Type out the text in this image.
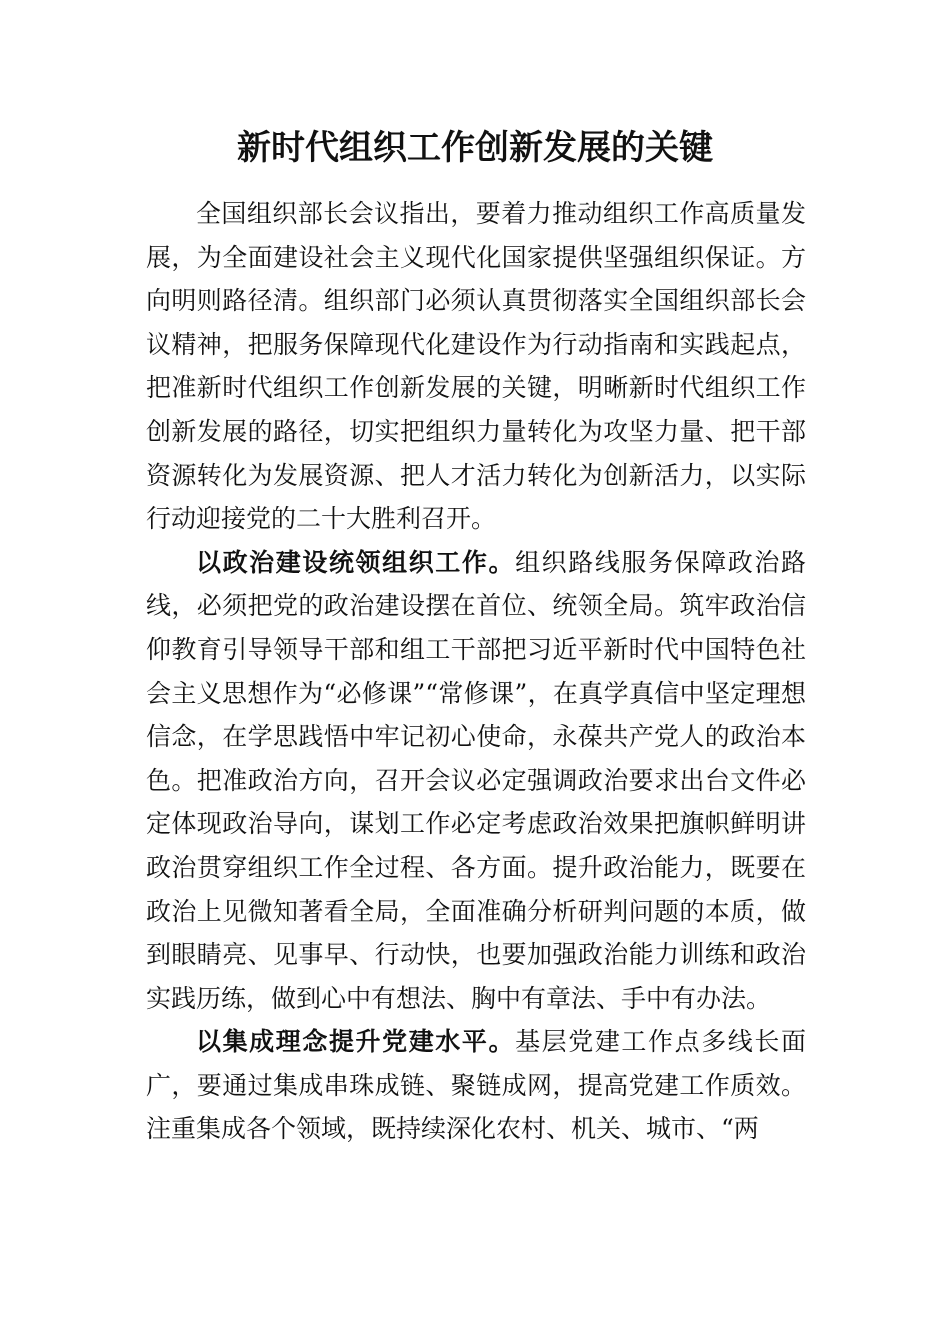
新时代组织工作创新发展的关键

全国组织部长会议指出，要着力推动组织工作高质量发展，为全面建设社会主义现代化国家提供坚强组织保证。方向明则路径清。组织部门必须认真贯彻落实全国组织部长会议精神，把服务保障现代化建设作为行动指南和实践起点，把准新时代组织工作创新发展的关键，明晰新时代组织工作创新发展的路径，切实把组织力量转化为攻坚力量、把干部资源转化为发展资源、把人才活力转化为创新活力，以实际行动迎接党的二十大胜利召开。

以政治建设统领组织工作。组织路线服务保障政治路线，必须把党的政治建设摆在首位、统领全局。筑牢政治信仰教育引导领导干部和组工干部把习近平新时代中国特色社会主义思想作为“必修课”“常修课”，在真学真信中坚定理想信念，在学思践悟中牢记初心使命，永葆共产党人的政治本色。把准政治方向，召开会议必定强调政治要求出台文件必定体现政治导向，谋划工作必定考虑政治效果把旗帜鲜明讲政治贯穿组织工作全过程、各方面。提升政治能力，既要在政治上见微知著看全局，全面准确分析研判问题的本质，做到眼睛亮、见事早、行动快，也要加强政治能力训练和政治实践历练，做到心中有想法、胸中有章法、手中有办法。

以集成理念提升党建水平。基层党建工作点多线长面广，要通过集成串珠成链、聚链成网，提高党建工作质效。注重集成各个领域，既持续深化农村、机关、城市、“两
